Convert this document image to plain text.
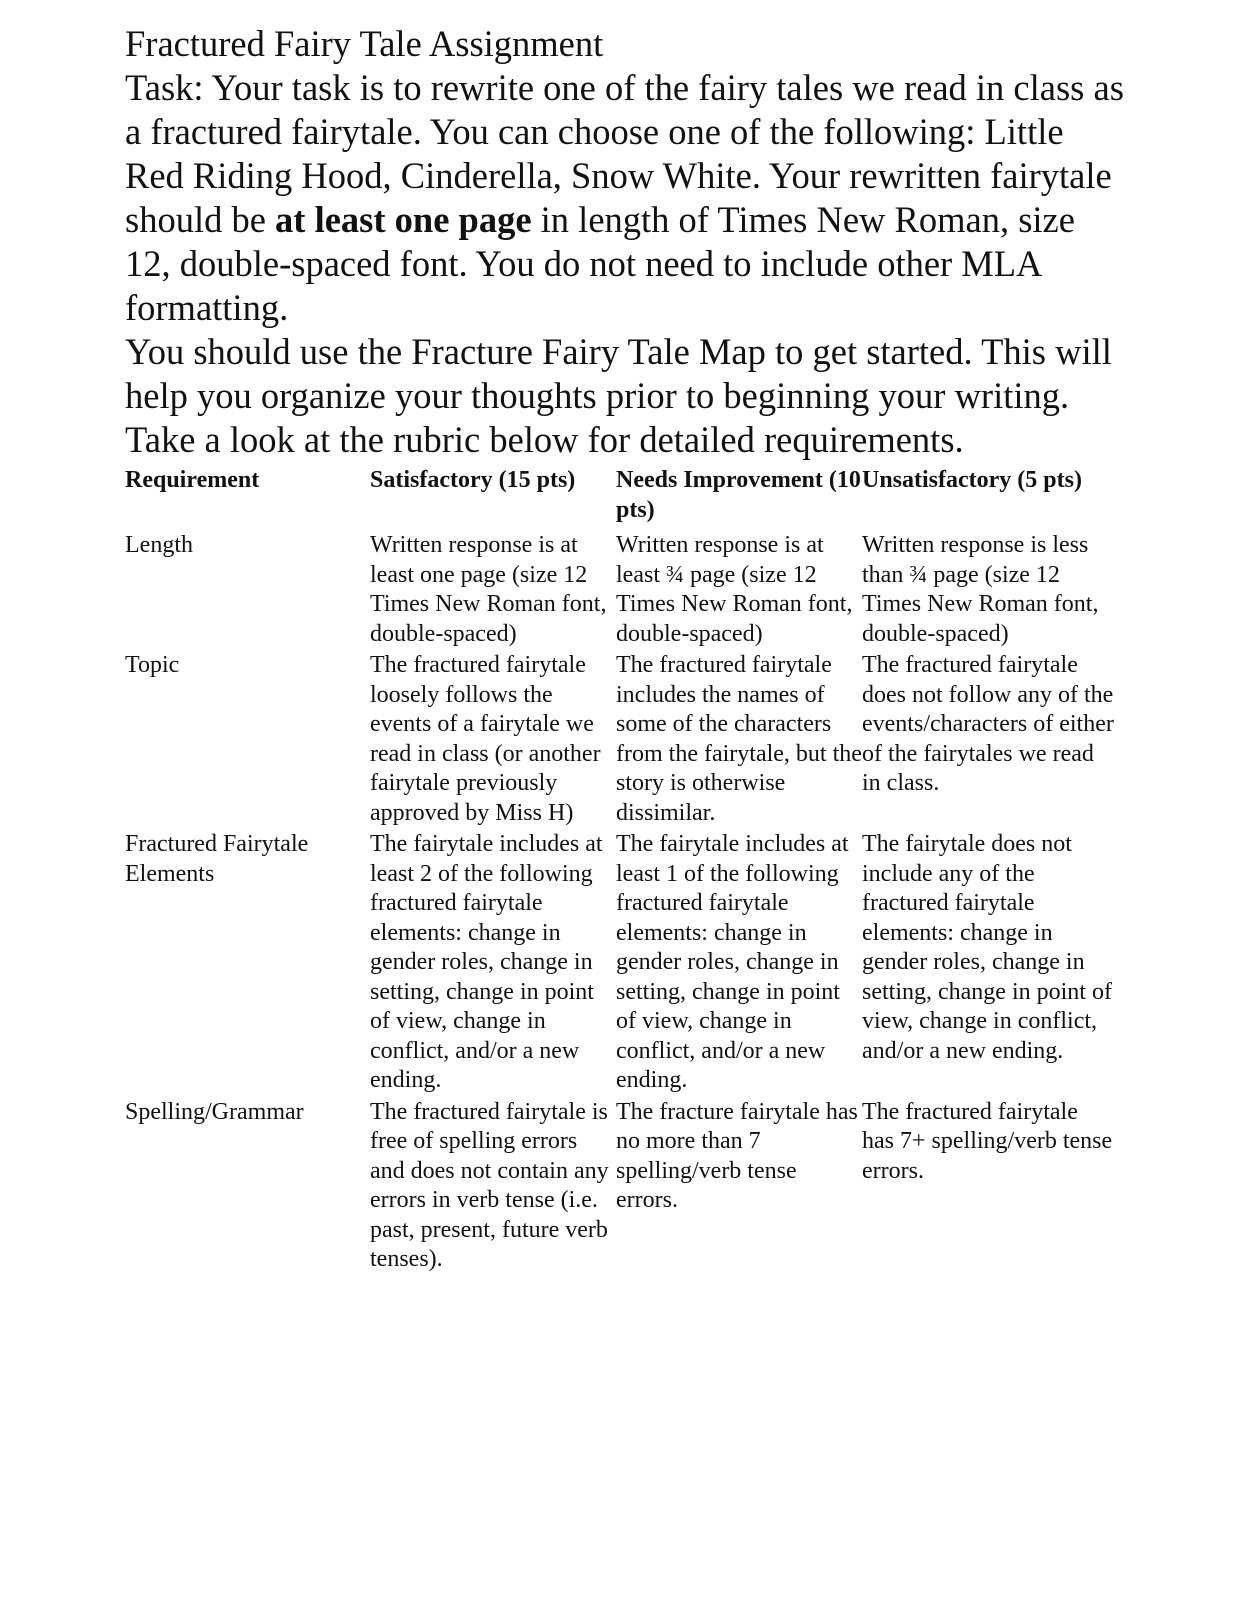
Fractured Fairy Tale Assignment

Task: Your task is to rewrite one of the fairy tales we read in class as a fractured fairytale. You can choose one of the following: Little Red Riding Hood, Cinderella, Snow White. Your rewritten fairytale should be at least one page in length of Times New Roman, size 12, double-spaced font. You do not need to include other MLA formatting.

You should use the Fracture Fairy Tale Map to get started. This will help you organize your thoughts prior to beginning your writing.

Take a look at the rubric below for detailed requirements.

Requirement	Satisfactory (15 pts)	Needs Improvement (10 pts)	Unsatisfactory (5 pts)
Length	Written response is at least one page (size 12 Times New Roman font, double-spaced)	Written response is at least ¾ page (size 12 Times New Roman font, double-spaced)	Written response is less than ¾ page (size 12 Times New Roman font, double-spaced)
Topic	The fractured fairytale loosely follows the events of a fairytale we read in class (or another fairytale previously approved by Miss H)	The fractured fairytale includes the names of some of the characters from the fairytale, but the story is otherwise dissimilar.	The fractured fairytale does not follow any of the events/characters of either of the fairytales we read in class.
Fractured Fairytale Elements	The fairytale includes at least 2 of the following fractured fairytale elements: change in gender roles, change in setting, change in point of view, change in conflict, and/or a new ending.	The fairytale includes at least 1 of the following fractured fairytale elements: change in gender roles, change in setting, change in point of view, change in conflict, and/or a new ending.	The fairytale does not include any of the fractured fairytale elements: change in gender roles, change in setting, change in point of view, change in conflict, and/or a new ending.
Spelling/Grammar	The fractured fairytale is free of spelling errors and does not contain any errors in verb tense (i.e. past, present, future verb tenses).	The fracture fairytale has no more than 7 spelling/verb tense errors.	The fractured fairytale has 7+ spelling/verb tense errors.
